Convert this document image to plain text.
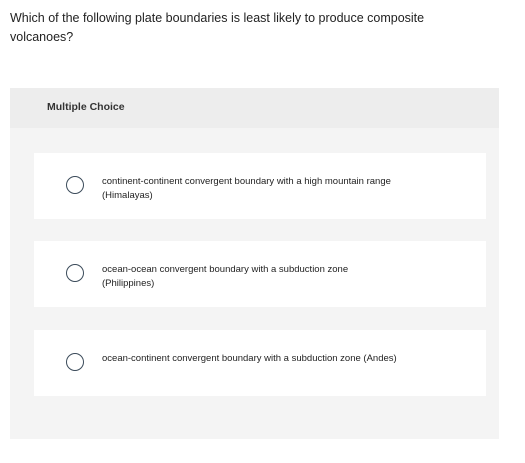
Which of the following plate boundaries is least likely to produce composite volcanoes?
Multiple Choice
continent-continent convergent boundary with a high mountain range (Himalayas)
ocean-ocean convergent boundary with a subduction zone (Philippines)
ocean-continent convergent boundary with a subduction zone (Andes)
